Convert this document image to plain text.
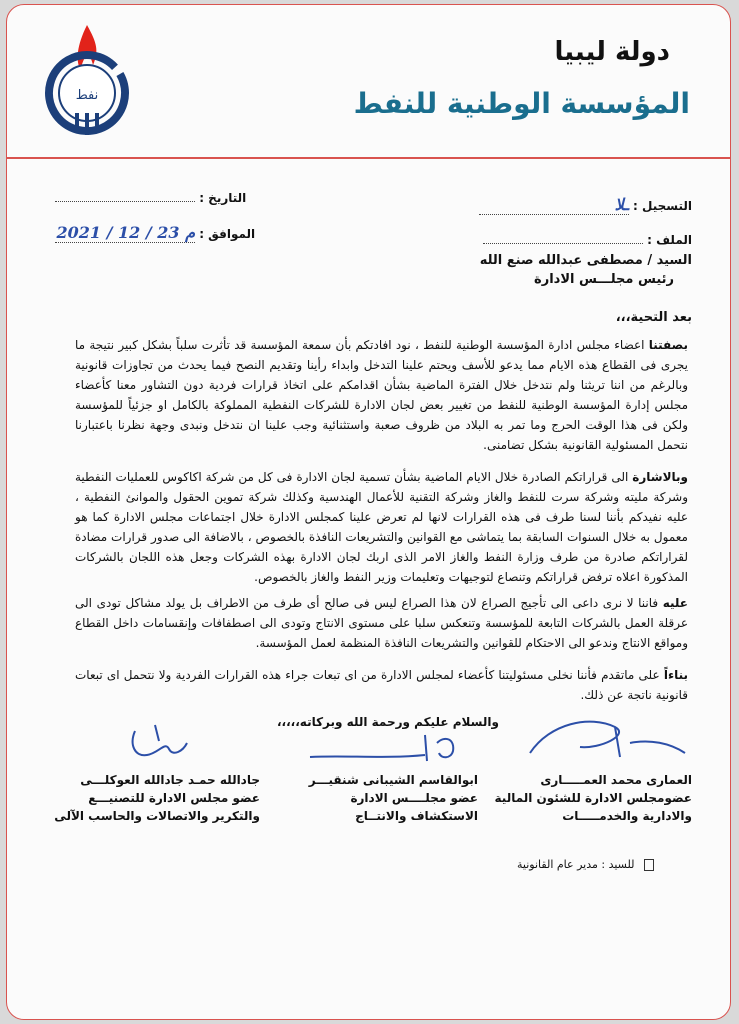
نفط
دولة ليبيا
المؤسسة الوطنية للنفط
التسجيل : ـلا
الملف :
التاريخ :
الموافق : 2021 / 12 / 23 م
السيد / مصطفى عبدالله صنع الله
رئيس مجلـــس الادارة
بعد التحية،،،
بصفتنا اعضاء مجلس ادارة المؤسسة الوطنية للنفط ، نود افادتكم بأن سمعة المؤسسة قد تأثرت سلباً بشكل كبير نتيجة ما يجرى فى القطاع هذه الايام مما يدعو للأسف ويحتم علينا التدخل وابداء رأينا وتقديم النصح فيما يحدث من تجاوزات قانونية وبالرغم من اننا تريثنا ولم نتدخل خلال الفترة الماضية بشأن اقدامكم على اتخاذ قرارات فردية دون التشاور معنا كأعضاء مجلس إدارة المؤسسة الوطنية للنفط من تغيير بعض لجان الادارة للشركات النفطية المملوكة بالكامل او جزئياً للمؤسسة ولكن فى هذا الوقت الحرج وما تمر به البلاد من ظروف صعبة واستثنائية وجب علينا ان نتدخل ونبدى وجهة نظرنا باعتبارنا نتحمل المسئولية القانونية بشكل تضامنى.
وبالاشارة الى قراراتكم الصادرة خلال الايام الماضية بشأن تسمية لجان الادارة فى كل من شركة اكاكوس للعمليات النفطية وشركة مليته وشركة سرت للنفط والغاز وشركة التقنية للأعمال الهندسية وكذلك شركة تموين الحقول والموانئ النفطية ، عليه نفيدكم بأننا لسنا طرف فى هذه القرارات لانها لم تعرض علينا كمجلس الادارة خلال اجتماعات مجلس الادارة كما هو معمول به خلال السنوات السابقة بما يتماشى مع القوانين والتشريعات النافذة بالخصوص ، بالاضافة الى صدور قرارات مضادة لقراراتكم صادرة من طرف وزارة النفط والغاز الامر الذى اربك لجان الادارة بهذه الشركات وجعل هذه اللجان بالشركات المذكورة اعلاه ترفض قراراتكم وتنصاع لتوجيهات وتعليمات وزير النفط والغاز بالخصوص.
عليه فاننا لا نرى داعى الى تأجيج الصراع لان هذا الصراع ليس فى صالح أى طرف من الاطراف بل يولد مشاكل تودى الى عرقلة العمل بالشركات التابعة للمؤسسة وتنعكس سلبا على مستوى الانتاج وتودى الى اصطفافات وإنقسامات داخل القطاع ومواقع الانتاج وندعو الى الاحتكام للقوانين والتشريعات النافذة المنظمة لعمل المؤسسة.
بناءاً على ماتقدم فأننا نخلى مسئوليتنا كأعضاء لمجلس الادارة من اى تبعات جراء هذه القرارات الفردية ولا نتحمل اى تبعات قانونية ناتجة عن ذلك.
والسلام عليكم ورحمة الله وبركاته،،،،،
العمارى محمد العمـــــارى
عضومجلس الادارة للشئون المالية
والادارية والخدمـــــات
ابوالقاسم الشيبانى شنقيـــر
عضو مجلــــس الادارة
الاستكشاف والانتــاج
جادالله حمـد جادالله العوكلـــى
عضو مجلس الادارة للتصنيـــع
والتكرير والاتصالات والحاسب الآلى
للسيد : مدير عام القانونية
